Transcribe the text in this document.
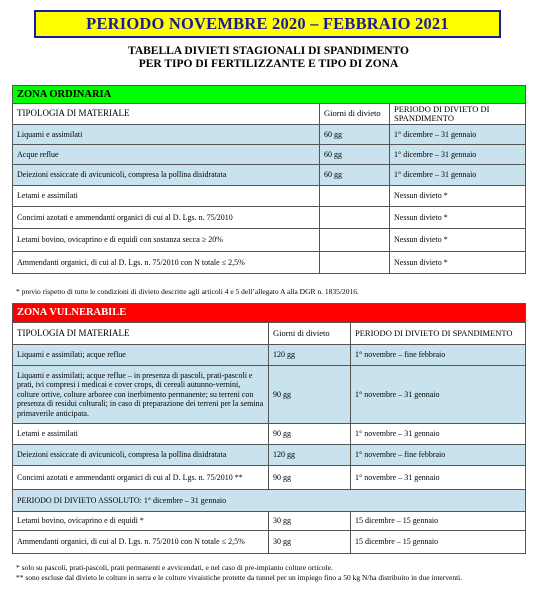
PERIODO NOVEMBRE 2020 – FEBBRAIO 2021
TABELLA DIVIETI STAGIONALI DI SPANDIMENTO
PER TIPO DI FERTILIZZANTE E TIPO DI ZONA
ZONA ORDINARIA		
TIPOLOGIA DI MATERIALE	Giorni di divieto	PERIODO DI DIVIETO DI SPANDIMENTO
Liquami e assimilati	60 gg	1° dicembre – 31 gennaio
Acque reflue	60 gg	1° dicembre – 31 gennaio
Deiezioni essiccate di avicunicoli, compresa la pollina disidratata	60 gg	1° dicembre – 31 gennaio
Letami e assimilati		Nessun divieto *
Concimi azotati e ammendanti organici di cui al D. Lgs. n. 75/2010		Nessun divieto *
Letami bovino, ovicaprino e di equidi con sostanza secca ≥ 20%		Nessun divieto *
Ammendanti organici, di cui al D. Lgs. n. 75/2010 con N totale ≤ 2,5%		Nessun divieto *
* previo rispetto di tutte le condizioni di divieto descritte agli articoli 4 e 5 dell’allegato A alla DGR n. 1835/2016.
ZONA VULNERABILE		
TIPOLOGIA DI MATERIALE	Giorni di divieto	PERIODO DI DIVIETO DI SPANDIMENTO
Liquami e assimilati; acque reflue	120 gg	1° novembre – fine febbraio
Liquami e assimilati; acque reflue – in presenza di pascoli, prati-pascoli e prati, ivi compresi i medicai e cover crops, di cereali autunno-vernini, colture ortive, colture arboree con inerbimento permanente; su terreni con presenza di residui colturali; in caso di preparazione dei terreni per la semina primaverile anticipata.	90 gg	1° novembre – 31 gennaio
Letami e assimilati	90 gg	1° novembre – 31 gennaio
Deiezioni essiccate di avicunicoli, compresa la pollina disidratata	120 gg	1° novembre – fine febbraio
Concimi azotati e ammendanti organici di cui al D. Lgs. n. 75/2010 **	90 gg	1° novembre – 31 gennaio
PERIODO DI DIVIETO ASSOLUTO: 1° dicembre – 31 gennaio		
Letami bovino, ovicaprino e di equidi *	30 gg	15 dicembre – 15 gennaio
Ammendanti organici, di cui al D. Lgs. n. 75/2010 con N totale ≤ 2,5%	30 gg	15 dicembre – 15 gennaio
* solo su pascoli, prati-pascoli, prati permanenti e avvicendati, e nel caso di pre-impianto colture orticole.
** sono escluse dal divieto le colture in serra e le colture vivaistiche protette da tunnel per un impiego fino a 50 kg N/ha distribuito in due interventi.
